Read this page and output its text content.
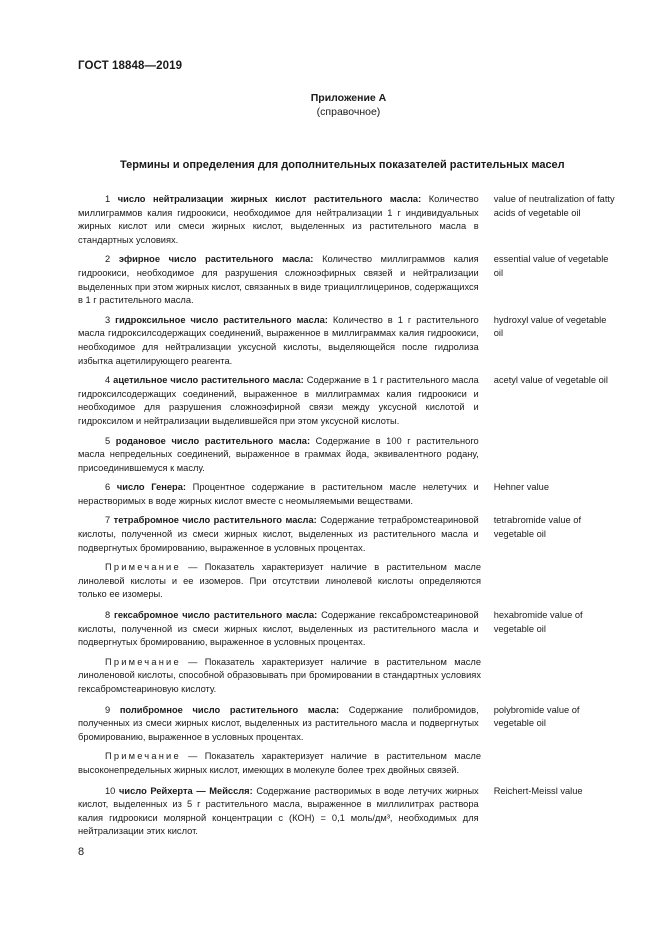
ГОСТ 18848—2019
Приложение А
(справочное)
Термины и определения для дополнительных показателей растительных масел
1 число нейтрализации жирных кислот растительного масла: Количество миллиграммов калия гидроокиси, необходимое для нейтрализации 1 г индивидуальных жирных кислот или смеси жирных кислот, выделенных из растительного масла в стандартных условиях.
value of neutralization of fatty acids of vegetable oil
2 эфирное число растительного масла: Количество миллиграммов калия гидроокиси, необходимое для разрушения сложноэфирных связей и нейтрализации выделенных при этом жирных кислот, связанных в виде триацилглицеринов, содержащихся в 1 г растительного масла.
essential value of vegetable oil
3 гидроксильное число растительного масла: Количество в 1 г растительного масла гидроксилсодержащих соединений, выраженное в миллиграммах калия гидроокиси, необходимое для нейтрализации уксусной кислоты, выделяющейся после гидролиза избытка ацетилирующего реагента.
hydroxyl value of vegetable oil
4 ацетильное число растительного масла: Содержание в 1 г растительного масла гидроксилсодержащих соединений, выраженное в миллиграммах калия гидроокиси и необходимое для разрушения сложноэфирной связи между уксусной кислотой и гидроксилом и нейтрализации выделившейся при этом уксусной кислоты.
acetyl value of vegetable oil
5 родановое число растительного масла: Содержание в 100 г растительного масла непредельных соединений, выраженное в граммах йода, эквивалентного родану, присоединившемуся к маслу.
6 число Генера: Процентное содержание в растительном масле нелетучих и нерастворимых в воде жирных кислот вместе с неомыляемыми веществами.
Hehner value
7 тетрабромное число растительного масла: Содержание тетрабромстеариновой кислоты, полученной из смеси жирных кислот, выделенных из растительного масла и подвергнутых бромированию, выраженное в условных процентах.
tetrabromide value of vegetable oil
Примечание — Показатель характеризует наличие в растительном масле линолевой кислоты и ее изомеров. При отсутствии линолевой кислоты определяются только ее изомеры.
8 гексабромное число растительного масла: Содержание гексабромстеариновой кислоты, полученной из смеси жирных кислот, выделенных из растительного масла и подвергнутых бромированию, выраженное в условных процентах.
hexabromide value of vegetable oil
Примечание — Показатель характеризует наличие в растительном масле линоленовой кислоты, способной образовывать при бромировании в стандартных условиях гексабромстеариновую кислоту.
9 полибромное число растительного масла: Содержание полибромидов, полученных из смеси жирных кислот, выделенных из растительного масла и подвергнутых бромированию, выраженное в условных процентах.
polybromide value of vegetable oil
Примечание — Показатель характеризует наличие в растительном масле высоконепредельных жирных кислот, имеющих в молекуле более трех двойных связей.
10 число Рейхерта — Мейссля: Содержание растворимых в воде летучих жирных кислот, выделенных из 5 г растительного масла, выраженное в миллилитрах раствора калия гидроокиси молярной концентрации с (КОН) = 0,1 моль/дм³, необходимых для нейтрализации этих кислот.
Reichert-Meissl value
8
